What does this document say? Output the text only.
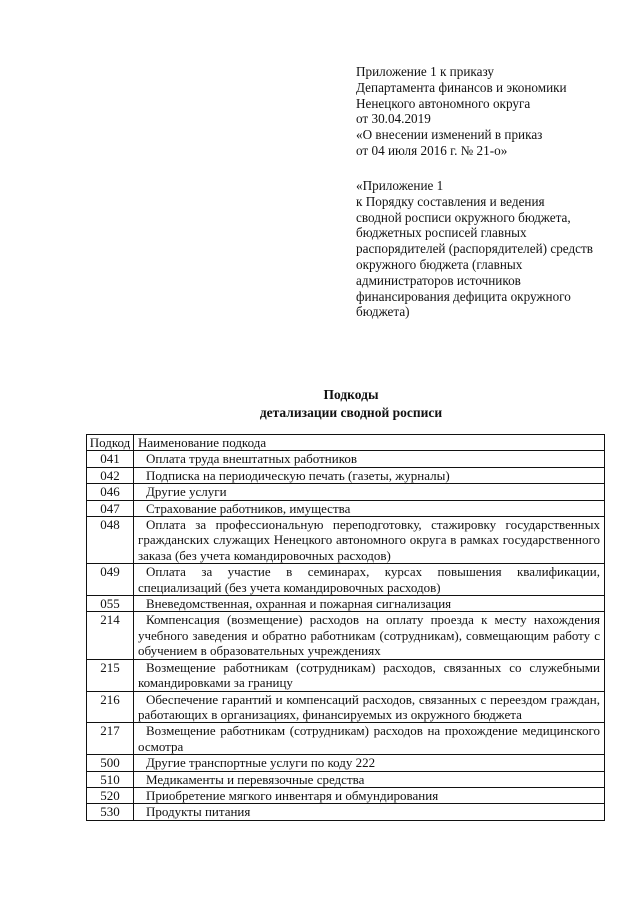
Приложение 1 к приказу
Департамента финансов и экономики
Ненецкого автономного округа
от 30.04.2019
«О внесении изменений в приказ
от 04 июля 2016 г. № 21-о»
«Приложение 1
к Порядку составления и ведения
сводной росписи окружного бюджета,
бюджетных росписей главных
распорядителей (распорядителей) средств
окружного бюджета (главных
администраторов источников
финансирования дефицита окружного
бюджета)
Подкоды
детализации сводной росписи
Подкод	Наименование подкода
041	Оплата труда внештатных работников
042	Подписка на периодическую печать (газеты, журналы)
046	Другие услуги
047	Страхование работников, имущества
048	Оплата за профессиональную переподготовку, стажировку государственных гражданских служащих Ненецкого автономного округа в рамках государственного заказа (без учета командировочных расходов)
049	Оплата за участие в семинарах, курсах повышения квалификации, специализаций (без учета командировочных расходов)
055	Вневедомственная, охранная и пожарная сигнализация
214	Компенсация (возмещение) расходов на оплату проезда к месту нахождения учебного заведения и обратно работникам (сотрудникам), совмещающим работу с обучением в образовательных учреждениях
215	Возмещение работникам (сотрудникам) расходов, связанных со служебными командировками за границу
216	Обеспечение гарантий и компенсаций расходов, связанных с переездом граждан, работающих в организациях, финансируемых из окружного бюджета
217	Возмещение работникам (сотрудникам) расходов на прохождение медицинского осмотра
500	Другие транспортные услуги по коду 222
510	Медикаменты и перевязочные средства
520	Приобретение мягкого инвентаря и обмундирования
530	Продукты питания
